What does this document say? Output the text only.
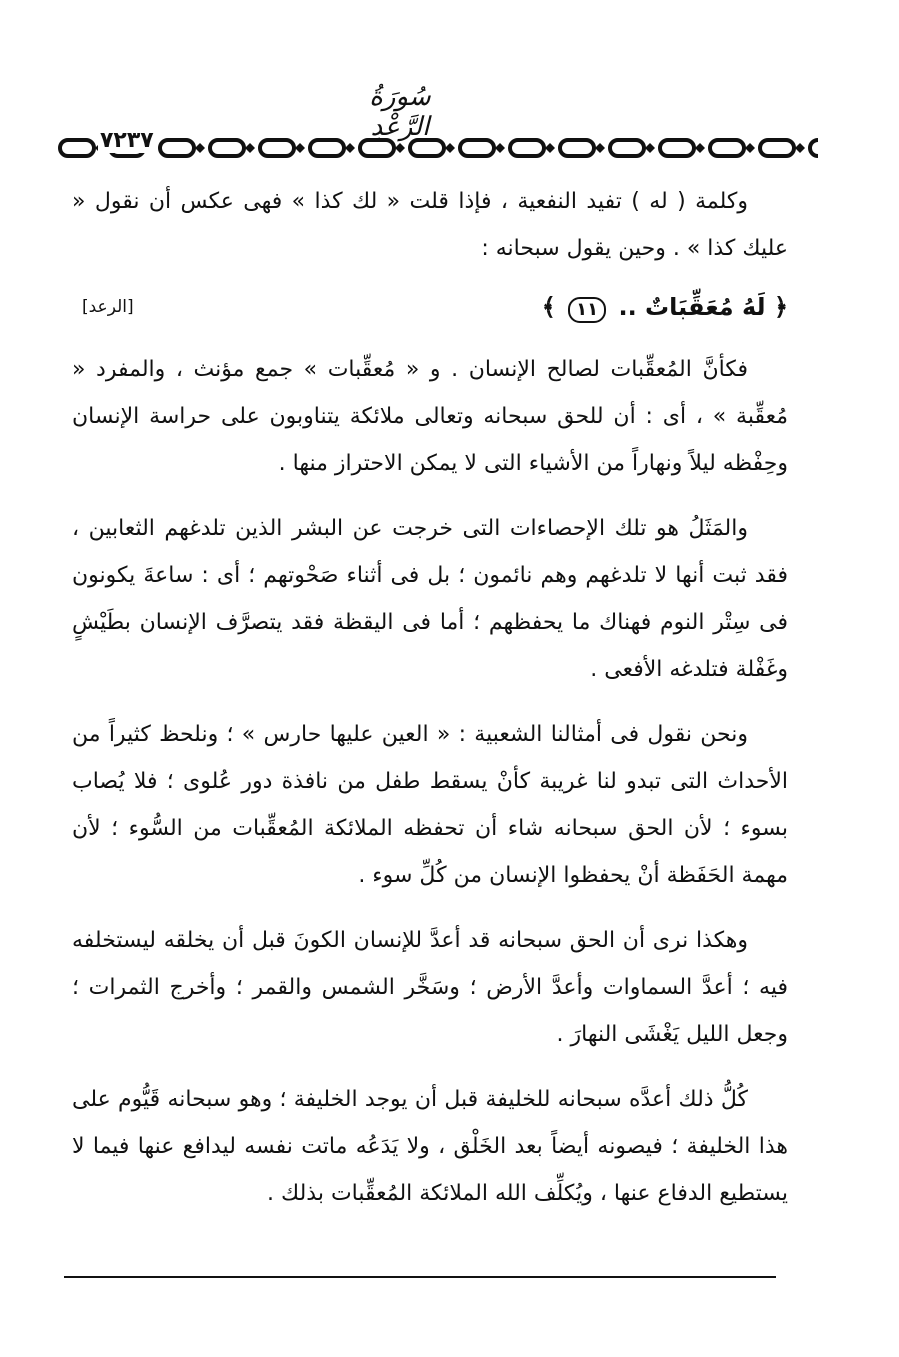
سُورَةُ الرَّعْدِ
٧٢٣٧

وكلمة ( له ) تفيد النفعية ، فإذا قلت « لك كذا » فهى عكس أن نقول « عليك كذا » . وحين يقول سبحانه :

﴿ لَهُ مُعَقِّبَاتٌ .. ١١ ﴾
[الرعد]

فكأنَّ المُعقِّبات لصالح الإنسان . و « مُعقِّبات » جمع مؤنث ، والمفرد « مُعقِّبة » ، أى : أن للحق سبحانه وتعالى ملائكة يتناوبون على حراسة الإنسان وحِفْظه ليلاً ونهاراً من الأشياء التى لا يمكن الاحتراز منها .

والمَثَلُ هو تلك الإحصاءات التى خرجت عن البشر الذين تلدغهم الثعابين ، فقد ثبت أنها لا تلدغهم وهم نائمون ؛ بل فى أثناء صَحْوتهم ؛ أى : ساعةَ يكونون فى سِتْر النوم فهناك ما يحفظهم ؛ أما فى اليقظة فقد يتصرَّف الإنسان بطَيْشٍ وغَفْلة فتلدغه الأفعى .

ونحن نقول فى أمثالنا الشعبية : « العين عليها حارس » ؛ ونلحظ كثيراً من الأحداث التى تبدو لنا غريبة كأنْ يسقط طفل من نافذة دور عُلوى ؛ فلا يُصاب بسوء ؛ لأن الحق سبحانه شاء أن تحفظه الملائكة المُعقِّبات من السُّوء ؛ لأن مهمة الحَفَظة أنْ يحفظوا الإنسان من كُلِّ سوء .

وهكذا نرى أن الحق سبحانه قد أعدَّ للإنسان الكونَ قبل أن يخلقه ليستخلفه فيه ؛ أعدَّ السماوات وأعدَّ الأرض ؛ وسَخَّر الشمس والقمر ؛ وأخرج الثمرات ؛ وجعل الليل يَغْشَى النهارَ .

كُلُّ ذلك أعدَّه سبحانه للخليفة قبل أن يوجد الخليفة ؛ وهو سبحانه قَيُّوم على هذا الخليفة ؛ فيصونه أيضاً بعد الخَلْق ، ولا يَدَعُه ماتت نفسه ليدافع عنها فيما لا يستطيع الدفاع عنها ، ويُكلِّف الله الملائكة المُعقِّبات بذلك .
